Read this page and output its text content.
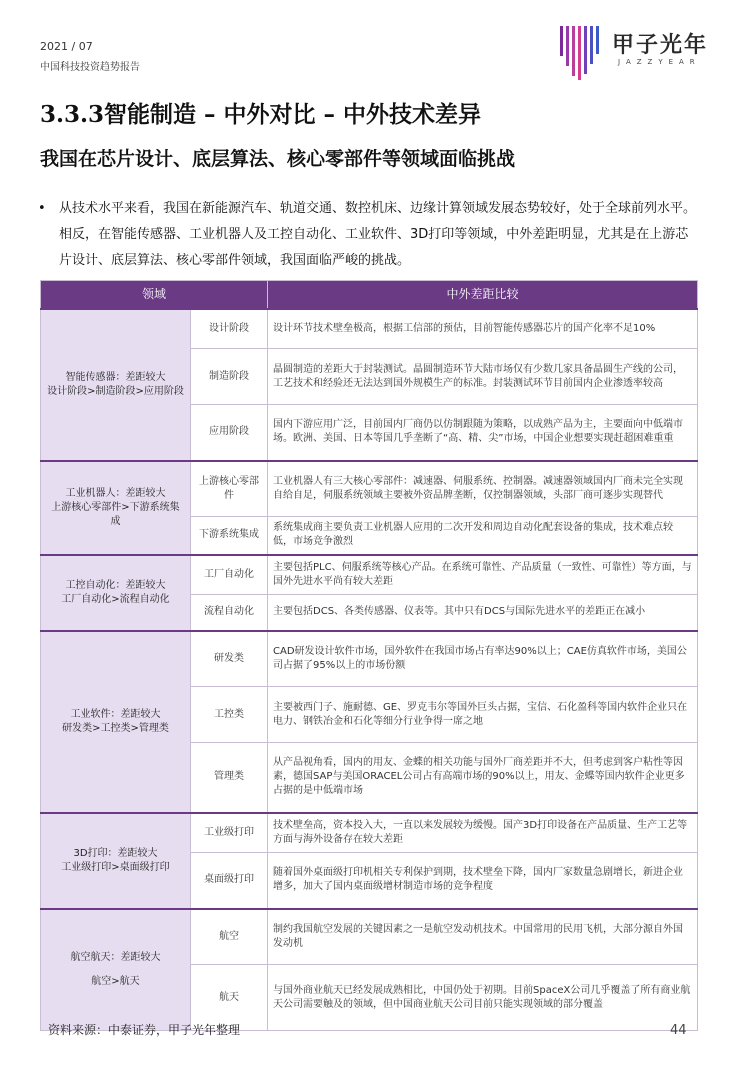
2021 / 07
中国科技投资趋势报告
甲子光年
JAZZYEAR
3.3.3智能制造 – 中外对比 – 中外技术差异
我国在芯片设计、底层算法、核心零部件等领域面临挑战
• 从技术水平来看，我国在新能源汽车、轨道交通、数控机床、边缘计算领域发展态势较好，处于全球前列水平。相反，在智能传感器、工业机器人及工控自动化、工业软件、3D打印等领域，中外差距明显，尤其是在上游芯片设计、底层算法、核心零部件领域，我国面临严峻的挑战。
领域		中外差距比较

智能传感器：差距较大
设计阶段>制造阶段>应用阶段	设计阶段	设计环节技术壁垒极高，根据工信部的预估，目前智能传感器芯片的国产化率不足10%
	制造阶段	晶圆制造的差距大于封装测试。晶圆制造环节大陆市场仅有少数几家具备晶圆生产线的公司，工艺技术和经验还无法达到国外规模生产的标准。封装测试环节目前国内企业渗透率较高
	应用阶段	国内下游应用广泛，目前国内厂商仍以仿制跟随为策略，以成熟产品为主，主要面向中低端市场。欧洲、美国、日本等国几乎垄断了“高、精、尖”市场，中国企业想要实现赶超困难重重

工业机器人：差距较大
上游核心零部件>下游系统集成	上游核心零部件	工业机器人有三大核心零部件：减速器、伺服系统、控制器。减速器领域国内厂商未完全实现自给自足，伺服系统领域主要被外资品牌垄断，仅控制器领域，头部厂商可逐步实现替代
	下游系统集成	系统集成商主要负责工业机器人应用的二次开发和周边自动化配套设备的集成，技术难点较低，市场竞争激烈

工控自动化：差距较大
工厂自动化>流程自动化	工厂自动化	主要包括PLC、伺服系统等核心产品。在系统可靠性、产品质量（一致性、可靠性）等方面，与国外先进水平尚有较大差距
	流程自动化	主要包括DCS、各类传感器、仪表等。其中只有DCS与国际先进水平的差距正在减小

工业软件：差距较大
研发类>工控类>管理类	研发类	CAD研发设计软件市场，国外软件在我国市场占有率达90%以上；CAE仿真软件市场，美国公司占据了95%以上的市场份额
	工控类	主要被西门子、施耐德、GE、罗克韦尔等国外巨头占据，宝信、石化盈科等国内软件企业只在电力、钢铁冶金和石化等细分行业争得一席之地
	管理类	从产品视角看，国内的用友、金蝶的相关功能与国外厂商差距并不大，但考虑到客户粘性等因素，德国SAP与美国ORACEL公司占有高端市场的90%以上，用友、金蝶等国内软件企业更多占据的是中低端市场

3D打印：差距较大
工业级打印>桌面级打印	工业级打印	技术壁垒高，资本投入大，一直以来发展较为缓慢。国产3D打印设备在产品质量、生产工艺等方面与海外设备存在较大差距
	桌面级打印	随着国外桌面级打印机相关专利保护到期，技术壁垒下降，国内厂家数量急剧增长，新进企业增多，加大了国内桌面级增材制造市场的竞争程度

航空航天：差距较大
航空>航天	航空	制约我国航空发展的关键因素之一是航空发动机技术。中国常用的民用飞机，大部分源自外国发动机
	航天	与国外商业航天已经发展成熟相比，中国仍处于初期。目前SpaceX公司几乎覆盖了所有商业航天公司需要触及的领域，但中国商业航天公司目前只能实现领域的部分覆盖
资料来源：中泰证券，甲子光年整理	44
